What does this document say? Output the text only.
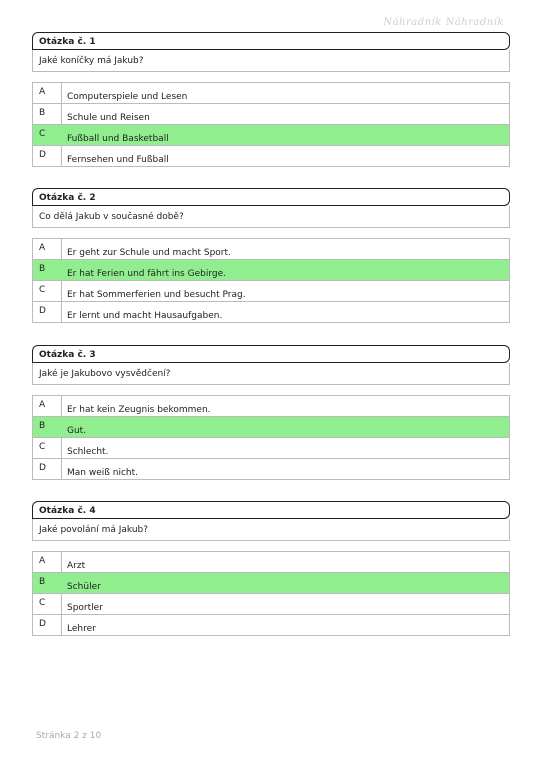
Náhradník Náhradník
Otázka č. 1
Jaké koníčky má Jakub?
A	Computerspiele und Lesen
B	Schule und Reisen
C	Fußball und Basketball
D	Fernsehen und Fußball
Otázka č. 2
Co dělá Jakub v současné době?
A	Er geht zur Schule und macht Sport.
B	Er hat Ferien und fährt ins Gebirge.
C	Er hat Sommerferien und besucht Prag.
D	Er lernt und macht Hausaufgaben.
Otázka č. 3
Jaké je Jakubovo vysvědčení?
A	Er hat kein Zeugnis bekommen.
B	Gut.
C	Schlecht.
D	Man weiß nicht.
Otázka č. 4
Jaké povolání má Jakub?
A	Arzt
B	Schüler
C	Sportler
D	Lehrer
Stránka 2 z 10
